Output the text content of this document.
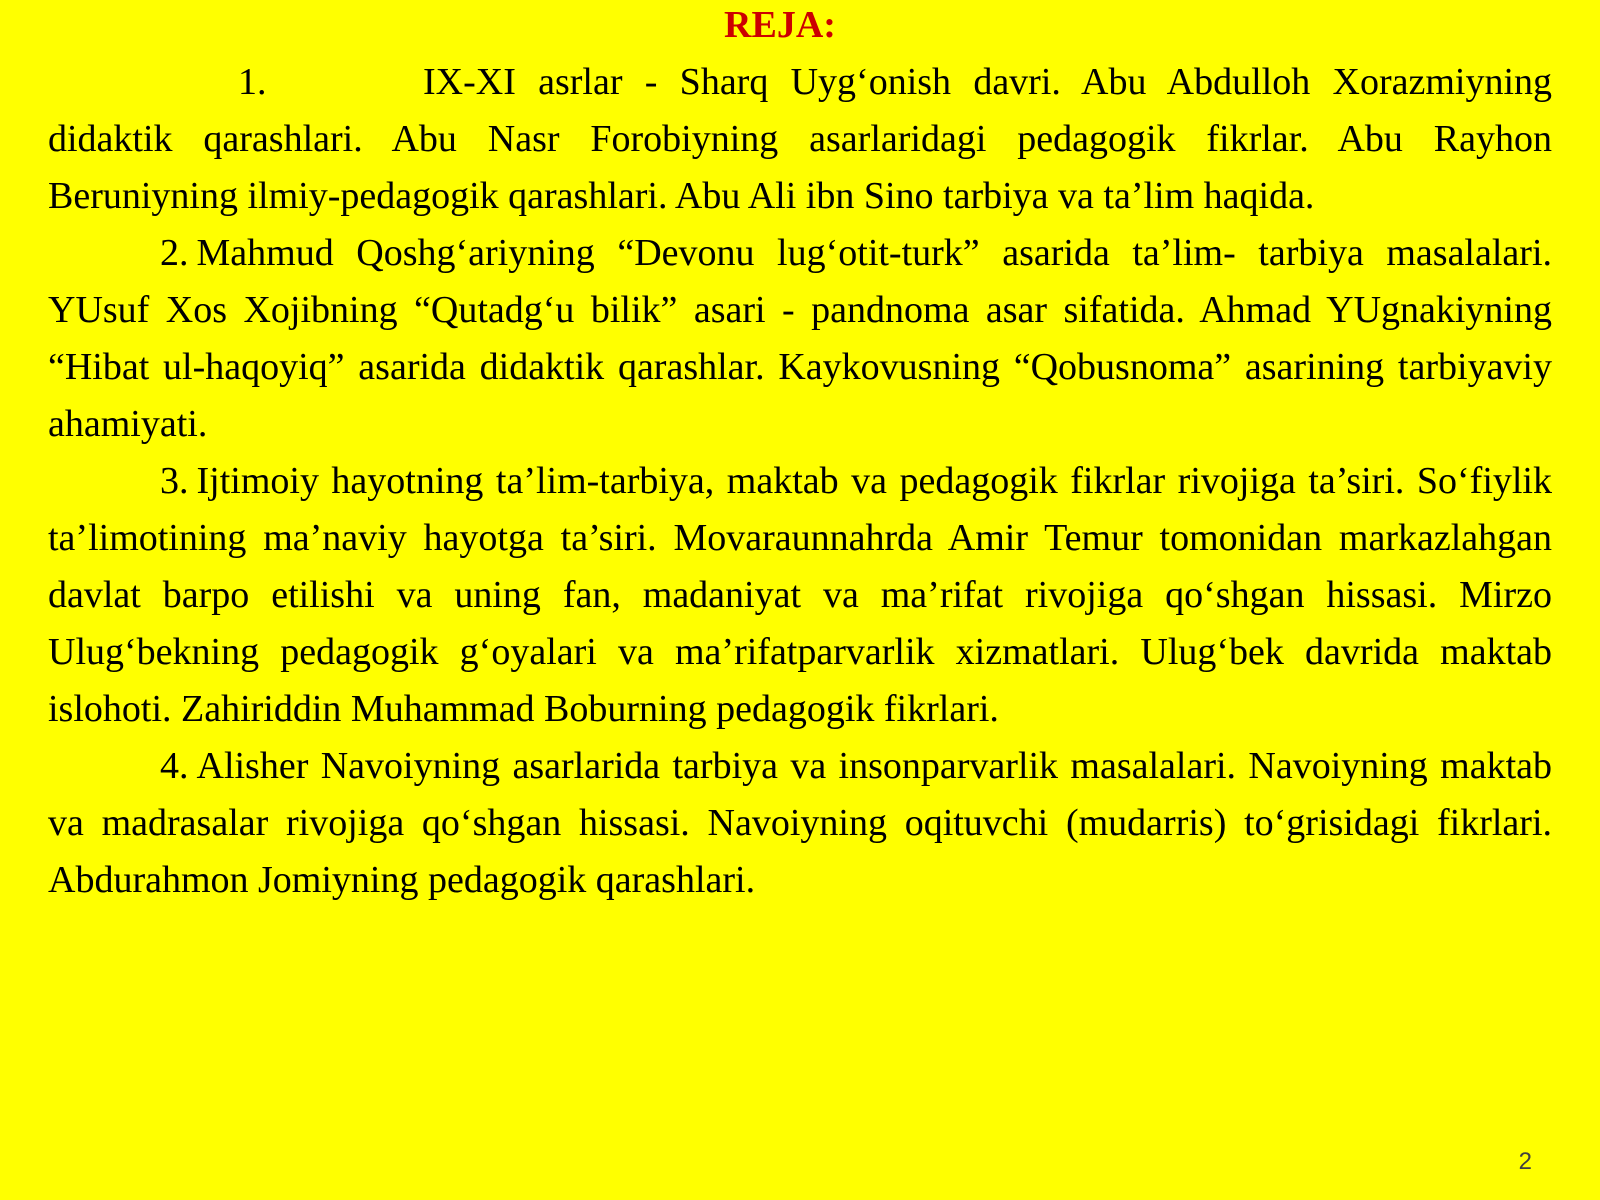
REJA:

1.	IX-XI asrlar - Sharq Uyg‘onish davri. Abu Abdulloh Xorazmiyning didaktik qarashlari. Abu Nasr Forobiyning asarlaridagi pedagogik fikrlar. Abu Rayhon Beruniyning ilmiy-pedagogik qarashlari. Abu Ali ibn Sino tarbiya va ta’lim haqida.

2. Mahmud Qoshg‘ariyning “Devonu lug‘otit-turk” asarida ta’lim- tarbiya masalalari. YUsuf Xos Xojibning “Qutadg‘u bilik” asari - pandnoma asar sifatida. Ahmad YUgnakiyning “Hibat ul-haqoyiq” asarida didaktik qarashlar. Kaykovusning “Qobusnoma” asarining tarbiyaviy ahamiyati.

3. Ijtimoiy hayotning ta’lim-tarbiya, maktab va pedagogik fikrlar rivojiga ta’siri. So‘fiylik ta’limotining ma’naviy hayotga ta’siri. Movaraunnahrda Amir Temur tomonidan markazlahgan davlat barpo etilishi va uning fan, madaniyat va ma’rifat rivojiga qo‘shgan hissasi. Mirzo Ulug‘bekning pedagogik g‘oyalari va ma’rifatparvarlik xizmatlari. Ulug‘bek davrida maktab islohoti. Zahiriddin Muhammad Boburning pedagogik fikrlari.

4. Alisher Navoiyning asarlarida tarbiya va insonparvarlik masalalari. Navoiyning maktab va madrasalar rivojiga qo‘shgan hissasi. Navoiyning oqituvchi (mudarris) to‘grisidagi fikrlari. Abdurahmon Jomiyning pedagogik qarashlari.

2
